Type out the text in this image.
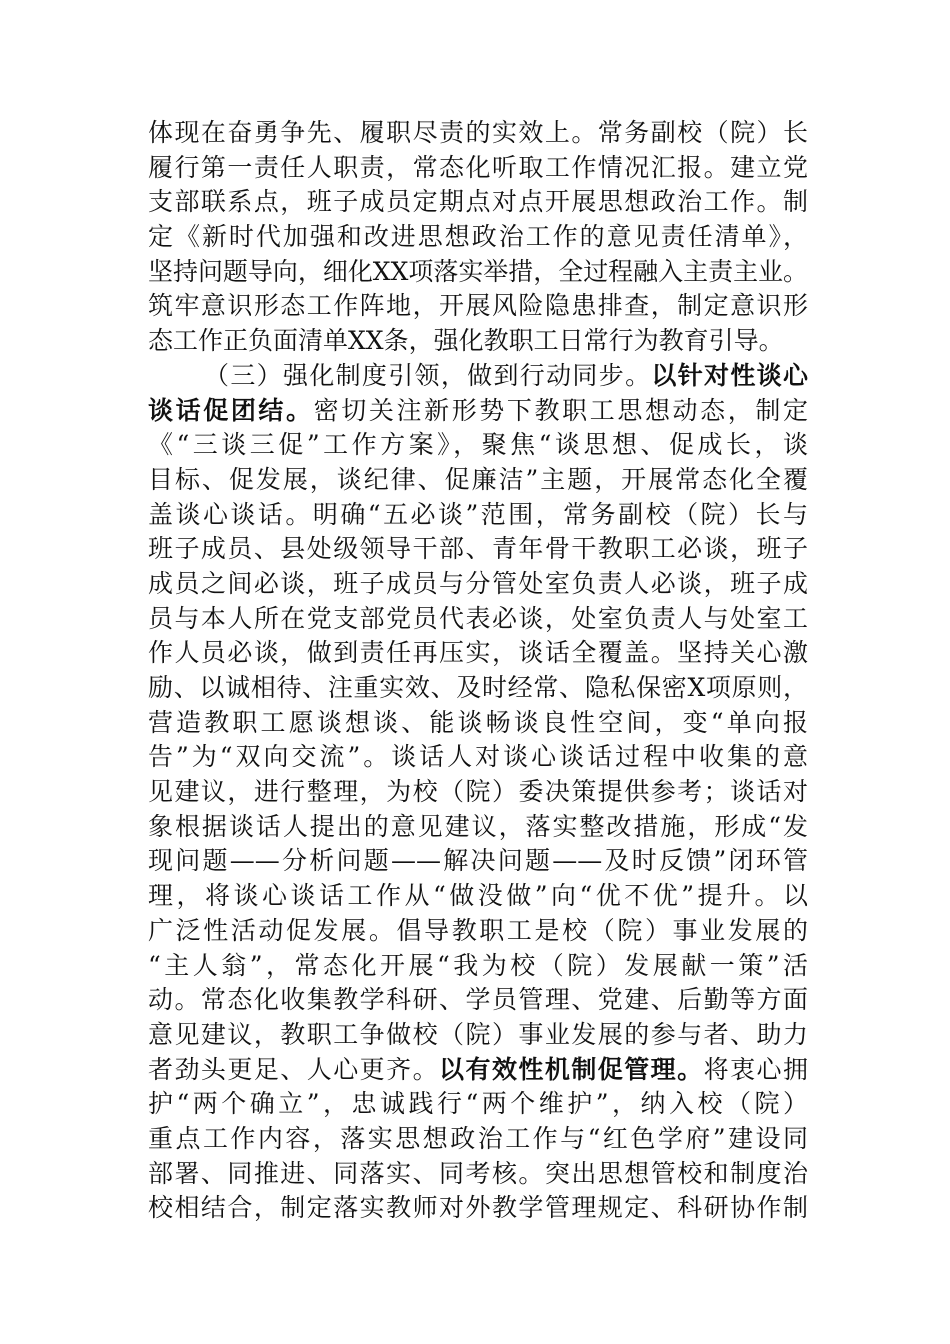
体现在奋勇争先、履职尽责的实效上。常务副校（院）长
履行第一责任人职责，常态化听取工作情况汇报。建立党
支部联系点，班子成员定期点对点开展思想政治工作。制
定《新时代加强和改进思想政治工作的意见责任清单》，
坚持问题导向，细化XX项落实举措，全过程融入主责主业。
筑牢意识形态工作阵地，开展风险隐患排查，制定意识形
态工作正负面清单XX条，强化教职工日常行为教育引导。
（三）强化制度引领，做到行动同步。以针对性谈心
谈话促团结。密切关注新形势下教职工思想动态，制定
《“三谈三促”工作方案》，聚焦“谈思想、促成长，谈
目标、促发展，谈纪律、促廉洁”主题，开展常态化全覆
盖谈心谈话。明确“五必谈”范围，常务副校（院）长与
班子成员、县处级领导干部、青年骨干教职工必谈，班子
成员之间必谈，班子成员与分管处室负责人必谈，班子成
员与本人所在党支部党员代表必谈，处室负责人与处室工
作人员必谈，做到责任再压实，谈话全覆盖。坚持关心激
励、以诚相待、注重实效、及时经常、隐私保密X项原则，
营造教职工愿谈想谈、能谈畅谈良性空间，变“单向报
告”为“双向交流”。谈话人对谈心谈话过程中收集的意
见建议，进行整理，为校（院）委决策提供参考；谈话对
象根据谈话人提出的意见建议，落实整改措施，形成“发
现问题——分析问题——解决问题——及时反馈”闭环管
理，将谈心谈话工作从“做没做”向“优不优”提升。以
广泛性活动促发展。倡导教职工是校（院）事业发展的
“主人翁”，常态化开展“我为校（院）发展献一策”活
动。常态化收集教学科研、学员管理、党建、后勤等方面
意见建议，教职工争做校（院）事业发展的参与者、助力
者劲头更足、人心更齐。以有效性机制促管理。将衷心拥
护“两个确立”，忠诚践行“两个维护”，纳入校（院）
重点工作内容，落实思想政治工作与“红色学府”建设同
部署、同推进、同落实、同考核。突出思想管校和制度治
校相结合，制定落实教师对外教学管理规定、科研协作制
